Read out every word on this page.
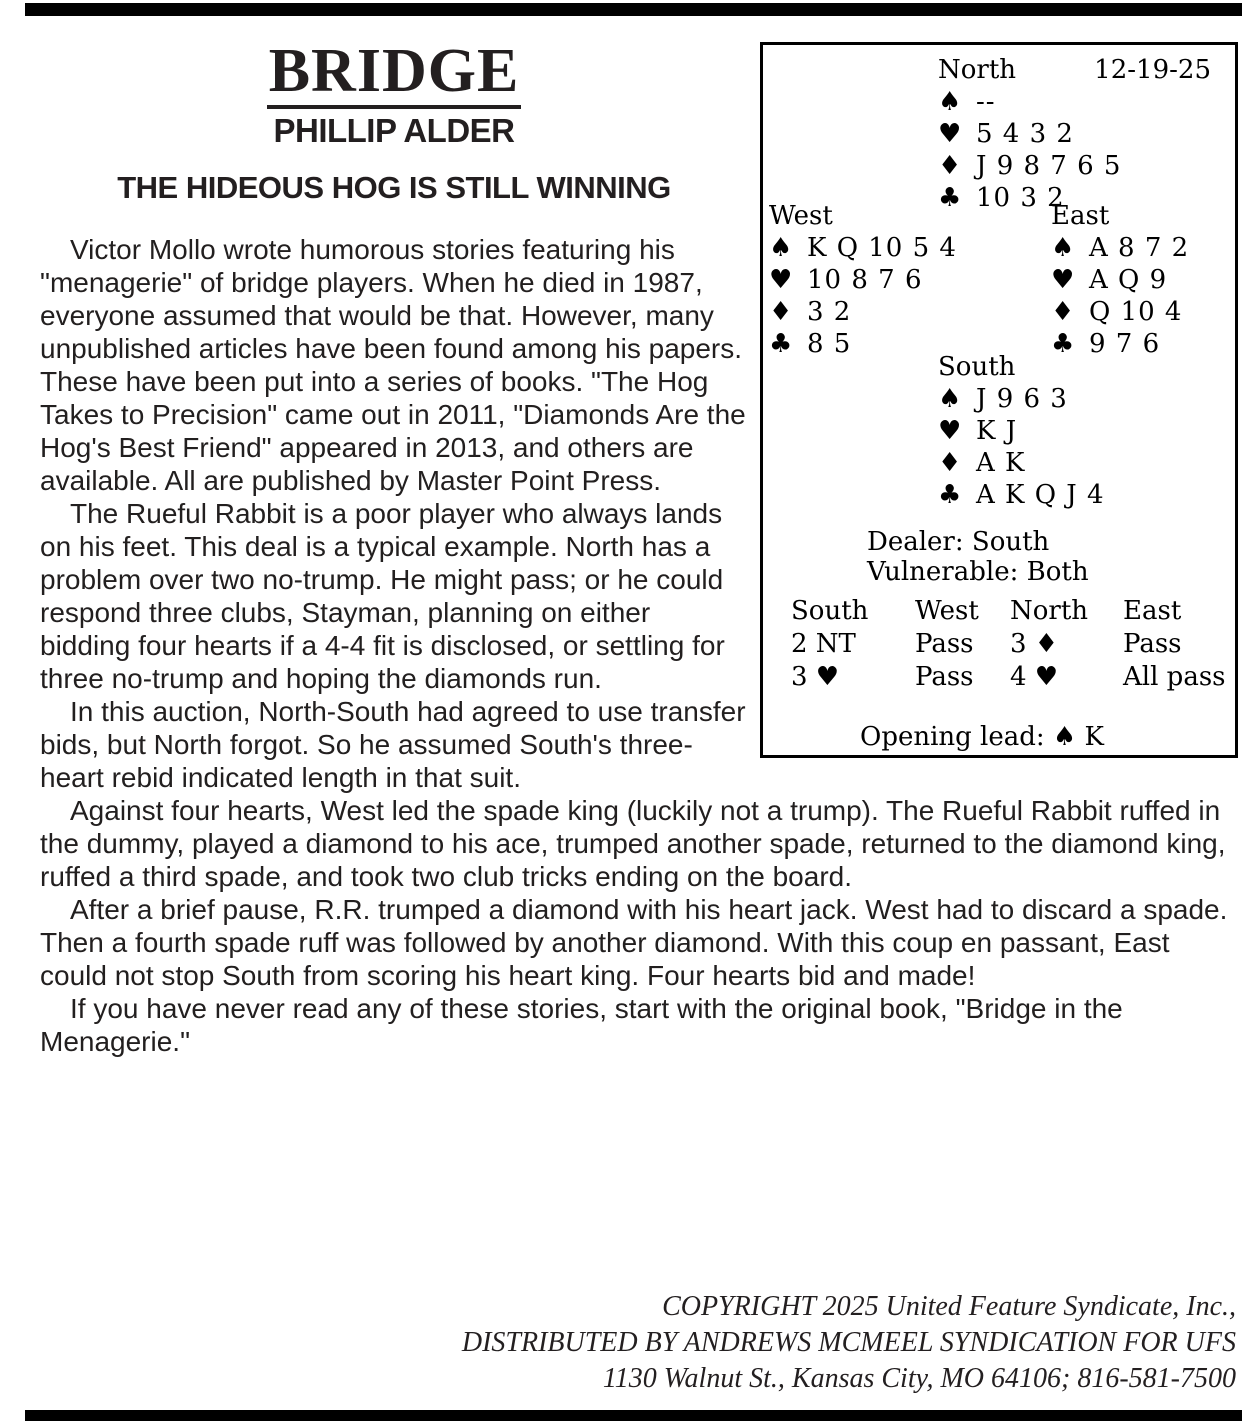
BRIDGE
PHILLIP ALDER
THE HIDEOUS HOG IS STILL WINNING

Victor Mollo wrote humorous stories featuring his "menagerie" of bridge players. When he died in 1987, everyone assumed that would be that. However, many unpublished articles have been found among his papers. These have been put into a series of books. "The Hog Takes to Precision" came out in 2011, "Diamonds Are the Hog's Best Friend" appeared in 2013, and others are available. All are published by Master Point Press.

The Rueful Rabbit is a poor player who always lands on his feet. This deal is a typical example. North has a problem over two no-trump. He might pass; or he could respond three clubs, Stayman, planning on either bidding four hearts if a 4-4 fit is disclosed, or settling for three no-trump and hoping the diamonds run.

In this auction, North-South had agreed to use transfer bids, but North forgot. So he assumed South's three-heart rebid indicated length in that suit.

Against four hearts, West led the spade king (luckily not a trump). The Rueful Rabbit ruffed in the dummy, played a diamond to his ace, trumped another spade, returned to the diamond king, ruffed a third spade, and took two club tricks ending on the board.

After a brief pause, R.R. trumped a diamond with his heart jack. West had to discard a spade. Then a fourth spade ruff was followed by another diamond. With this coup en passant, East could not stop South from scoring his heart king. Four hearts bid and made!

If you have never read any of these stories, start with the original book, "Bridge in the Menagerie."

12-19-25
North
♠ --
♥ 5 4 3 2
♦ J 9 8 7 6 5
♣ 10 3 2
West
♠ K Q 10 5 4
♥ 10 8 7 6
♦ 3 2
♣ 8 5
East
♠ A 8 7 2
♥ A Q 9
♦ Q 10 4
♣ 9 7 6
South
♠ J 9 6 3
♥ K J
♦ A K
♣ A K Q J 4
Dealer: South
Vulnerable: Both
South	West	North	East
2 NT	Pass	3 ♦	Pass
3 ♥	Pass	4 ♥	All pass
Opening lead: ♠ K
COPYRIGHT 2025 United Feature Syndicate, Inc.,
DISTRIBUTED BY ANDREWS MCMEEL SYNDICATION FOR UFS
1130 Walnut St., Kansas City, MO 64106; 816-581-7500
